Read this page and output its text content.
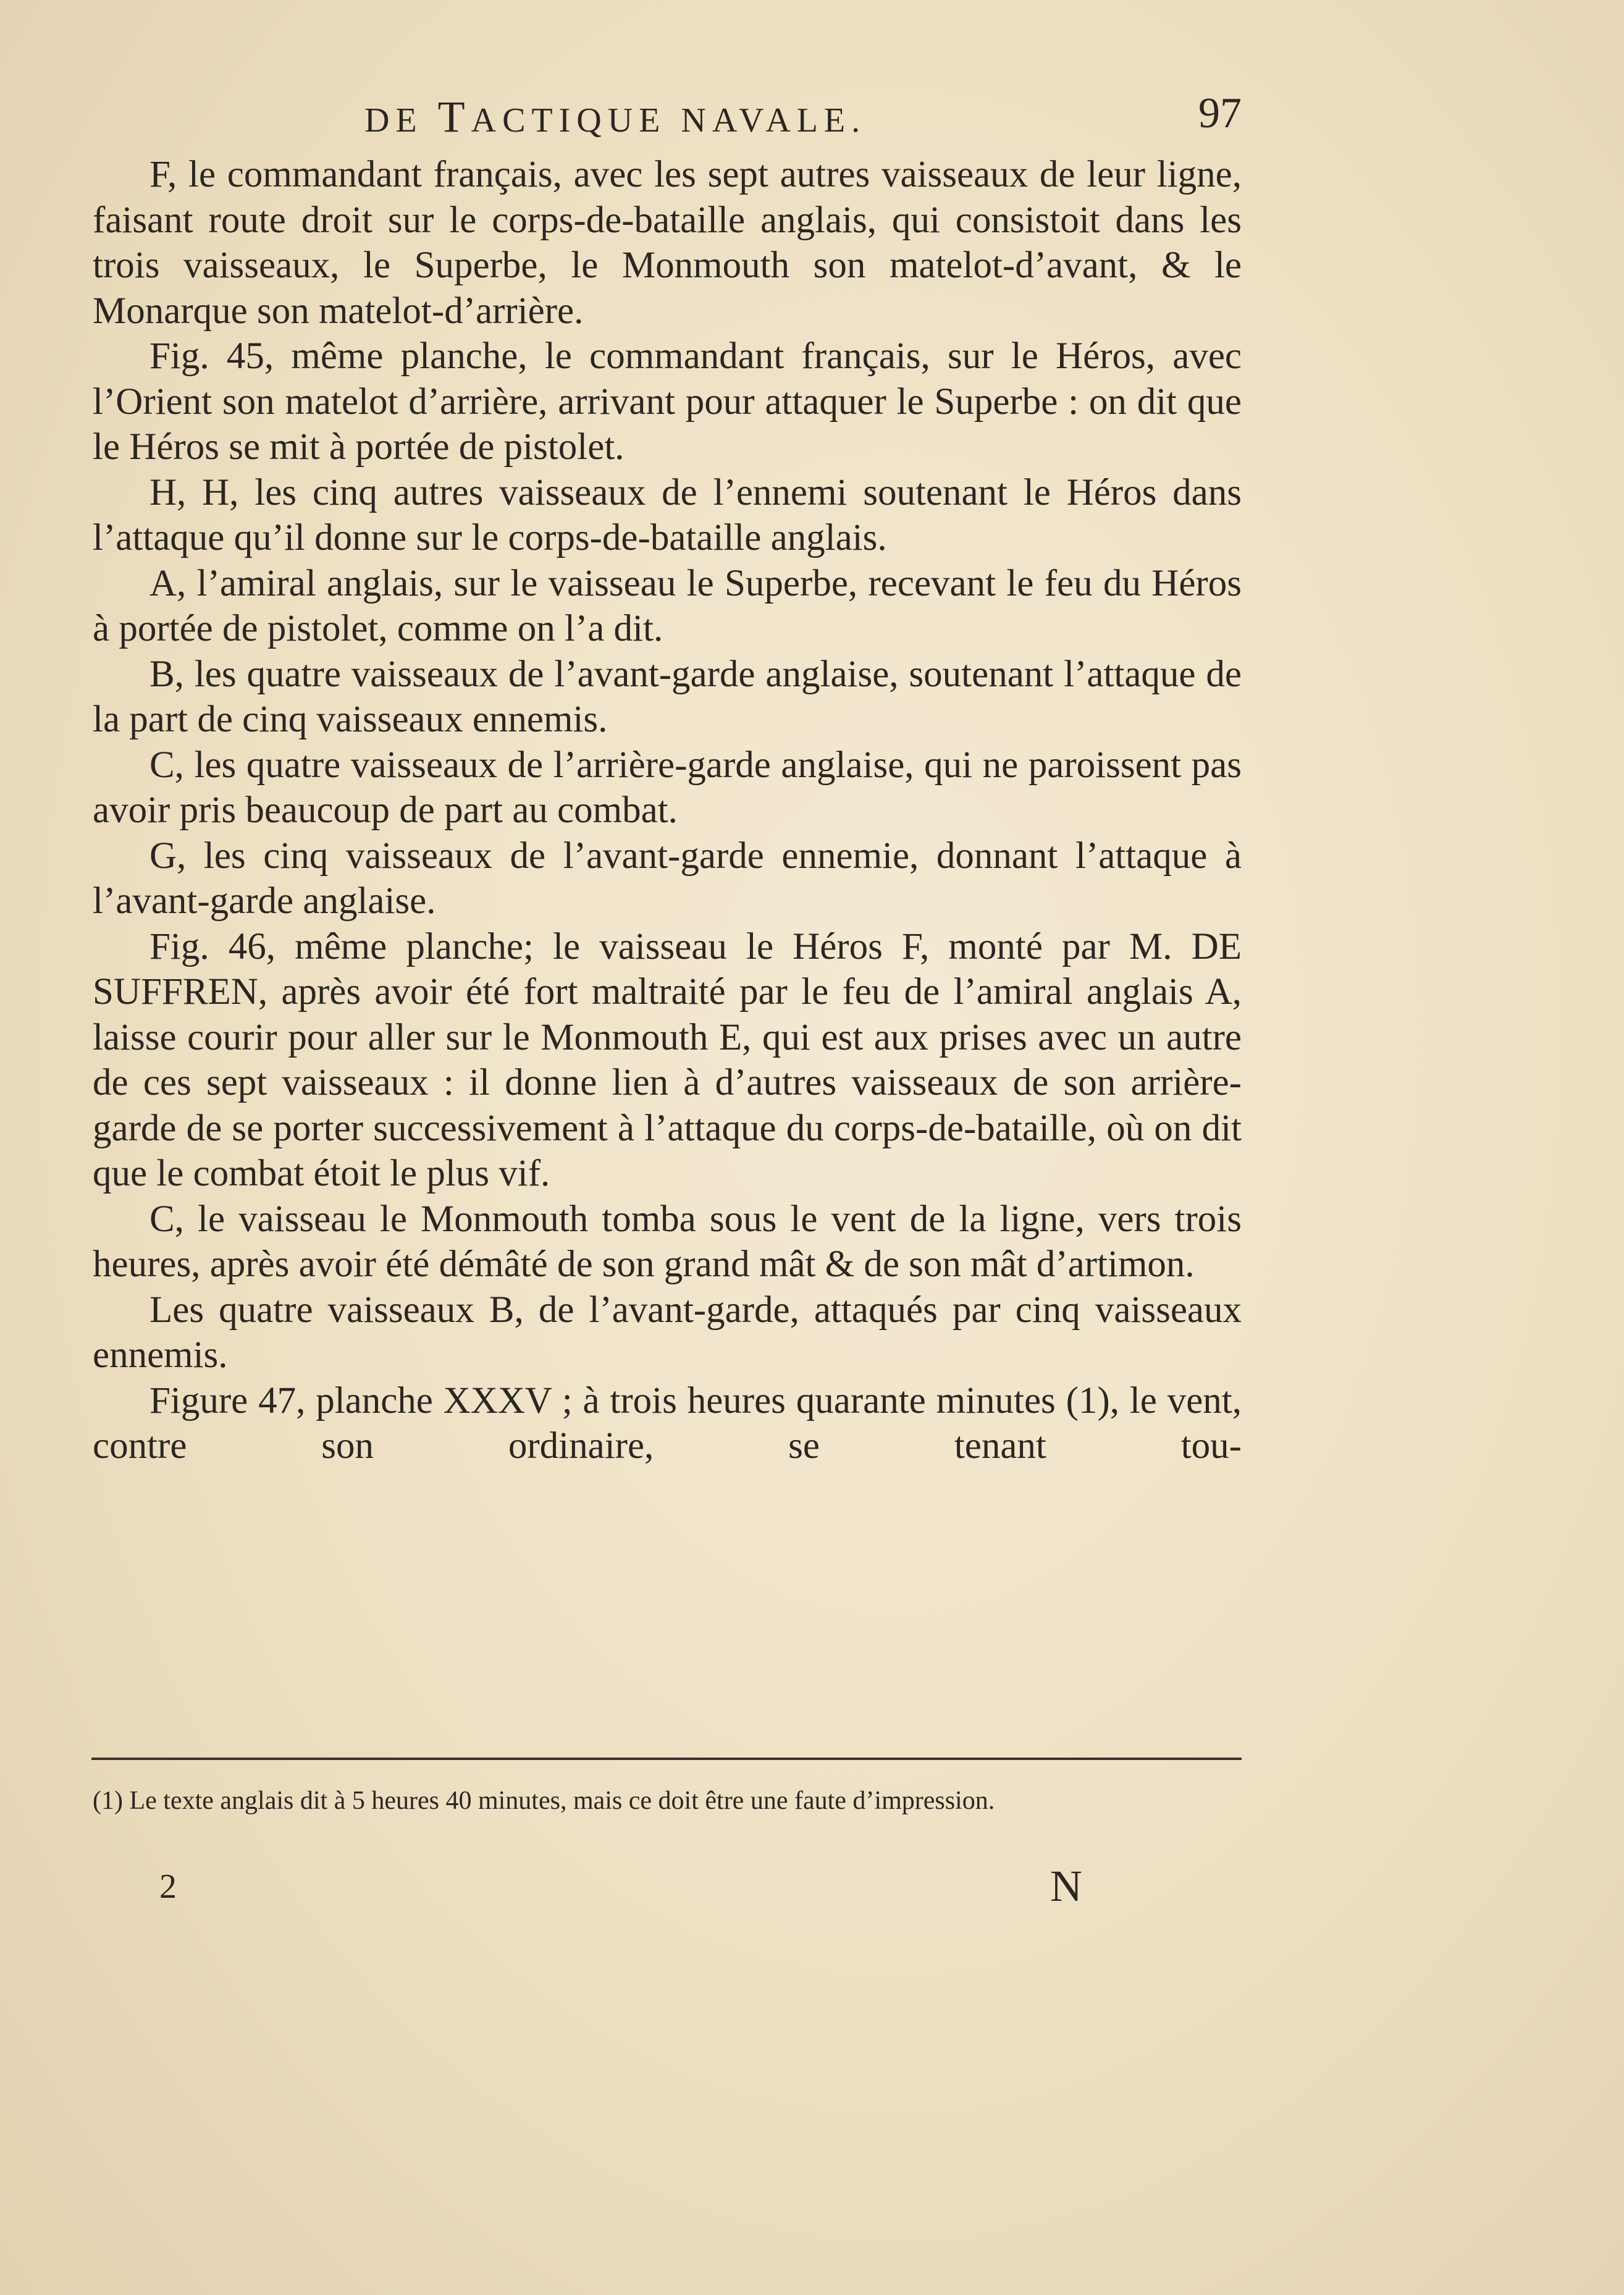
DE TACTIQUE NAVALE.	97

F, le commandant français, avec les sept autres vaisseaux de leur ligne, faisant route droit sur le corps-de-bataille anglais, qui consistoit dans les trois vaisseaux, le Superbe, le Monmouth son matelot-d’avant, & le Monarque son matelot-d’arrière.

Fig. 45, même planche, le commandant français, sur le Héros, avec l’Orient son matelot d’arrière, arrivant pour attaquer le Superbe : on dit que le Héros se mit à portée de pistolet.

H, H, les cinq autres vaisseaux de l’ennemi soutenant le Héros dans l’attaque qu’il donne sur le corps-de-bataille anglais.

A, l’amiral anglais, sur le vaisseau le Superbe, recevant le feu du Héros à portée de pistolet, comme on l’a dit.

B, les quatre vaisseaux de l’avant-garde anglaise, soutenant l’attaque de la part de cinq vaisseaux ennemis.

C, les quatre vaisseaux de l’arrière-garde anglaise, qui ne paroissent pas avoir pris beaucoup de part au combat.

G, les cinq vaisseaux de l’avant-garde ennemie, donnant l’attaque à l’avant-garde anglaise.

Fig. 46, même planche; le vaisseau le Héros F, monté par M. DE SUFFREN, après avoir été fort maltraité par le feu de l’amiral anglais A, laisse courir pour aller sur le Monmouth E, qui est aux prises avec un autre de ces sept vaisseaux : il donne lien à d’autres vaisseaux de son arrière-garde de se porter successivement à l’attaque du corps-de-bataille, où on dit que le combat étoit le plus vif.

C, le vaisseau le Monmouth tomba sous le vent de la ligne, vers trois heures, après avoir été démâté de son grand mât & de son mât d’artimon.

Les quatre vaisseaux B, de l’avant-garde, attaqués par cinq vaisseaux ennemis.

Figure 47, planche XXXV ; à trois heures quarante minutes (1), le vent, contre son ordinaire, se tenant tou-

(1) Le texte anglais dit à 5 heures 40 minutes, mais ce doit être une faute d’impression.

2	N
